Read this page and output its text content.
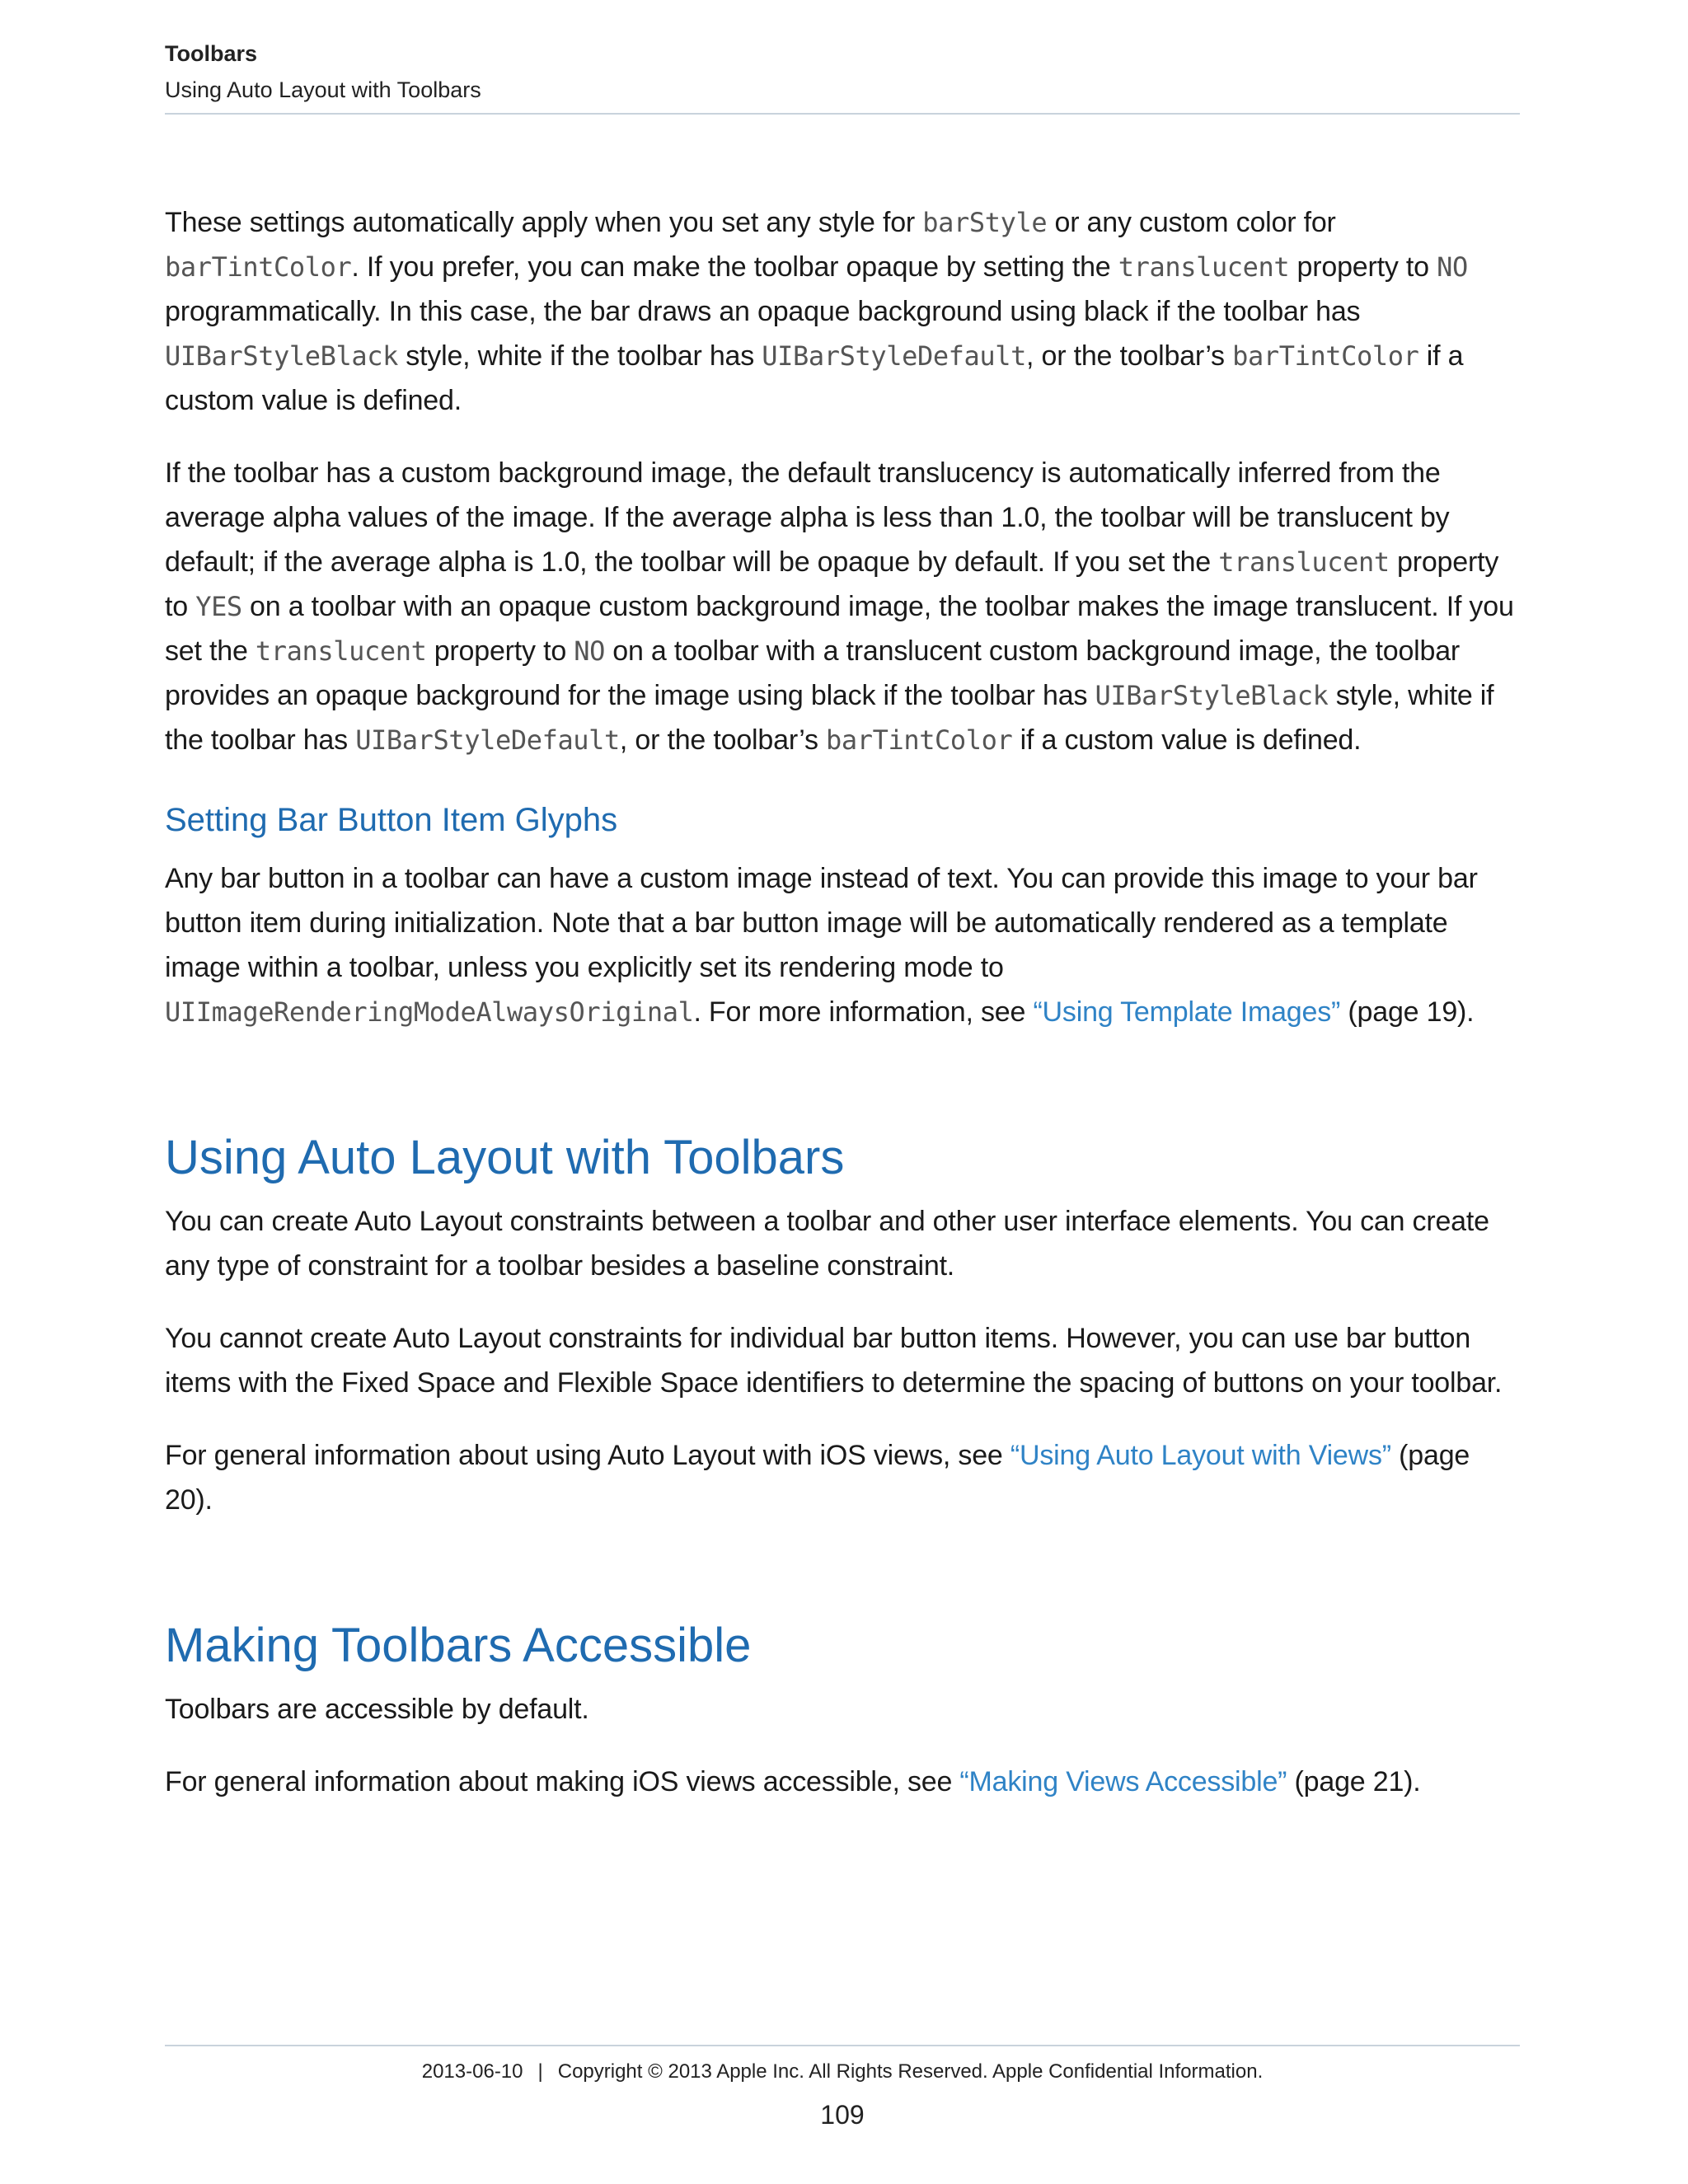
Toolbars
Using Auto Layout with Toolbars

These settings automatically apply when you set any style for barStyle or any custom color for barTintColor. If you prefer, you can make the toolbar opaque by setting the translucent property to NO programmatically. In this case, the bar draws an opaque background using black if the toolbar has UIBarStyleBlack style, white if the toolbar has UIBarStyleDefault, or the toolbar’s barTintColor if a custom value is defined.

If the toolbar has a custom background image, the default translucency is automatically inferred from the average alpha values of the image. If the average alpha is less than 1.0, the toolbar will be translucent by default; if the average alpha is 1.0, the toolbar will be opaque by default. If you set the translucent property to YES on a toolbar with an opaque custom background image, the toolbar makes the image translucent. If you set the translucent property to NO on a toolbar with a translucent custom background image, the toolbar provides an opaque background for the image using black if the toolbar has UIBarStyleBlack style, white if the toolbar has UIBarStyleDefault, or the toolbar’s barTintColor if a custom value is defined.

Setting Bar Button Item Glyphs

Any bar button in a toolbar can have a custom image instead of text. You can provide this image to your bar button item during initialization. Note that a bar button image will be automatically rendered as a template image within a toolbar, unless you explicitly set its rendering mode to UIImageRenderingModeAlwaysOriginal. For more information, see “Using Template Images” (page 19).

Using Auto Layout with Toolbars

You can create Auto Layout constraints between a toolbar and other user interface elements. You can create any type of constraint for a toolbar besides a baseline constraint.

You cannot create Auto Layout constraints for individual bar button items. However, you can use bar button items with the Fixed Space and Flexible Space identifiers to determine the spacing of buttons on your toolbar.

For general information about using Auto Layout with iOS views, see “Using Auto Layout with Views” (page 20).

Making Toolbars Accessible

Toolbars are accessible by default.

For general information about making iOS views accessible, see “Making Views Accessible” (page 21).

2013-06-10 | Copyright © 2013 Apple Inc. All Rights Reserved. Apple Confidential Information.
109
